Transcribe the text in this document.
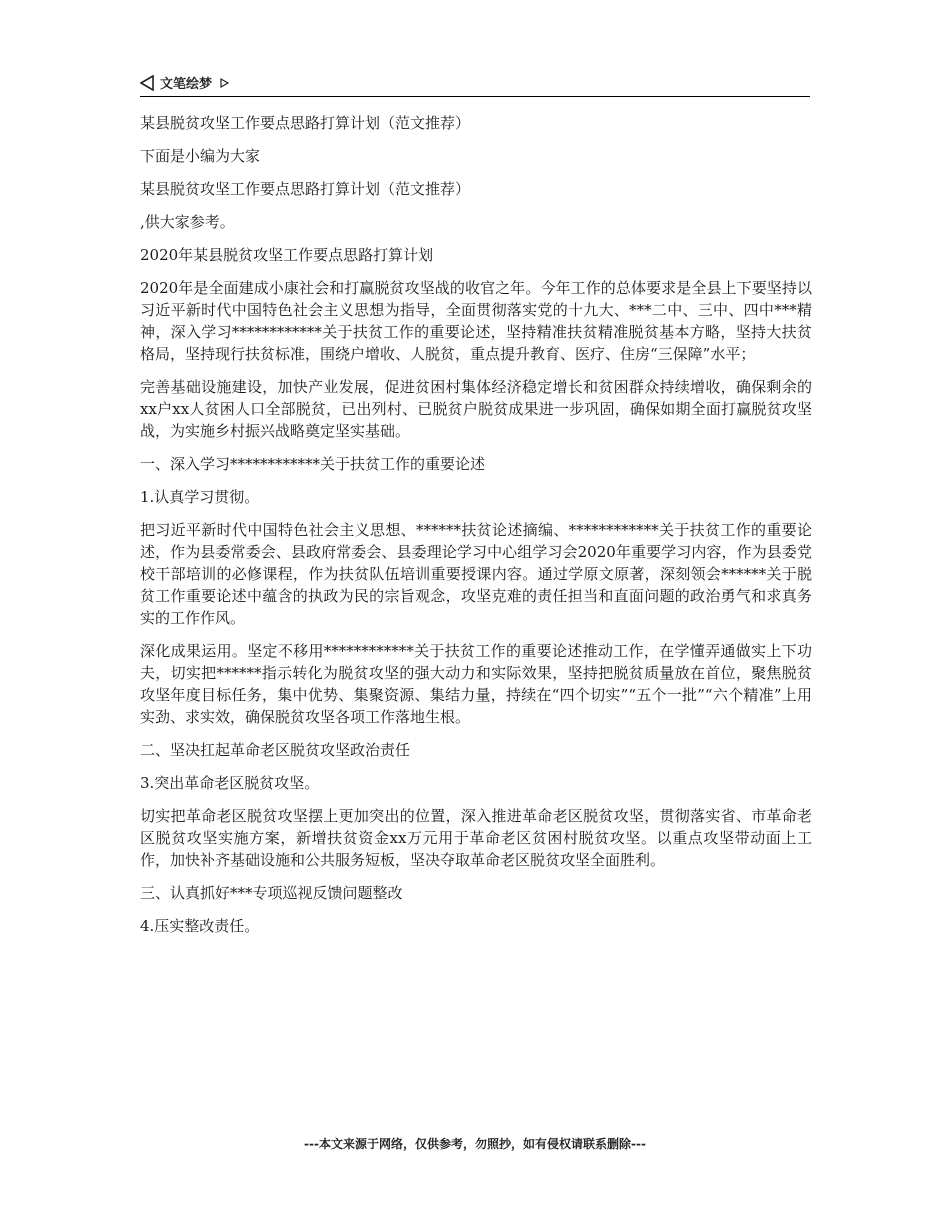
文笔绘梦

某县脱贫攻坚工作要点思路打算计划（范文推荐）

下面是小编为大家

某县脱贫攻坚工作要点思路打算计划（范文推荐）

,供大家参考。

2020年某县脱贫攻坚工作要点思路打算计划

2020年是全面建成小康社会和打赢脱贫攻坚战的收官之年。今年工作的总体要求是全县上下要坚持以习近平新时代中国特色社会主义思想为指导，全面贯彻落实党的十九大、***二中、三中、四中***精神，深入学习************关于扶贫工作的重要论述，坚持精准扶贫精准脱贫基本方略，坚持大扶贫格局，坚持现行扶贫标准，围绕户增收、人脱贫，重点提升教育、医疗、住房“三保障”水平；

完善基础设施建设，加快产业发展，促进贫困村集体经济稳定增长和贫困群众持续增收，确保剩余的xx户xx人贫困人口全部脱贫，已出列村、已脱贫户脱贫成果进一步巩固，确保如期全面打赢脱贫攻坚战，为实施乡村振兴战略奠定坚实基础。

一、深入学习************关于扶贫工作的重要论述

1.认真学习贯彻。

把习近平新时代中国特色社会主义思想、******扶贫论述摘编、************关于扶贫工作的重要论述，作为县委常委会、县政府常委会、县委理论学习中心组学习会2020年重要学习内容，作为县委党校干部培训的必修课程，作为扶贫队伍培训重要授课内容。通过学原文原著，深刻领会******关于脱贫工作重要论述中蕴含的执政为民的宗旨观念，攻坚克难的责任担当和直面问题的政治勇气和求真务实的工作作风。

深化成果运用。坚定不移用************关于扶贫工作的重要论述推动工作，在学懂弄通做实上下功夫，切实把******指示转化为脱贫攻坚的强大动力和实际效果，坚持把脱贫质量放在首位，聚焦脱贫攻坚年度目标任务，集中优势、集聚资源、集结力量，持续在“四个切实”“五个一批”“六个精准”上用实劲、求实效，确保脱贫攻坚各项工作落地生根。

二、坚决扛起革命老区脱贫攻坚政治责任

3.突出革命老区脱贫攻坚。

切实把革命老区脱贫攻坚摆上更加突出的位置，深入推进革命老区脱贫攻坚，贯彻落实省、市革命老区脱贫攻坚实施方案，新增扶贫资金xx万元用于革命老区贫困村脱贫攻坚。以重点攻坚带动面上工作，加快补齐基础设施和公共服务短板，坚决夺取革命老区脱贫攻坚全面胜利。

三、认真抓好***专项巡视反馈问题整改

4.压实整改责任。

---本文来源于网络，仅供参考，勿照抄，如有侵权请联系删除---
